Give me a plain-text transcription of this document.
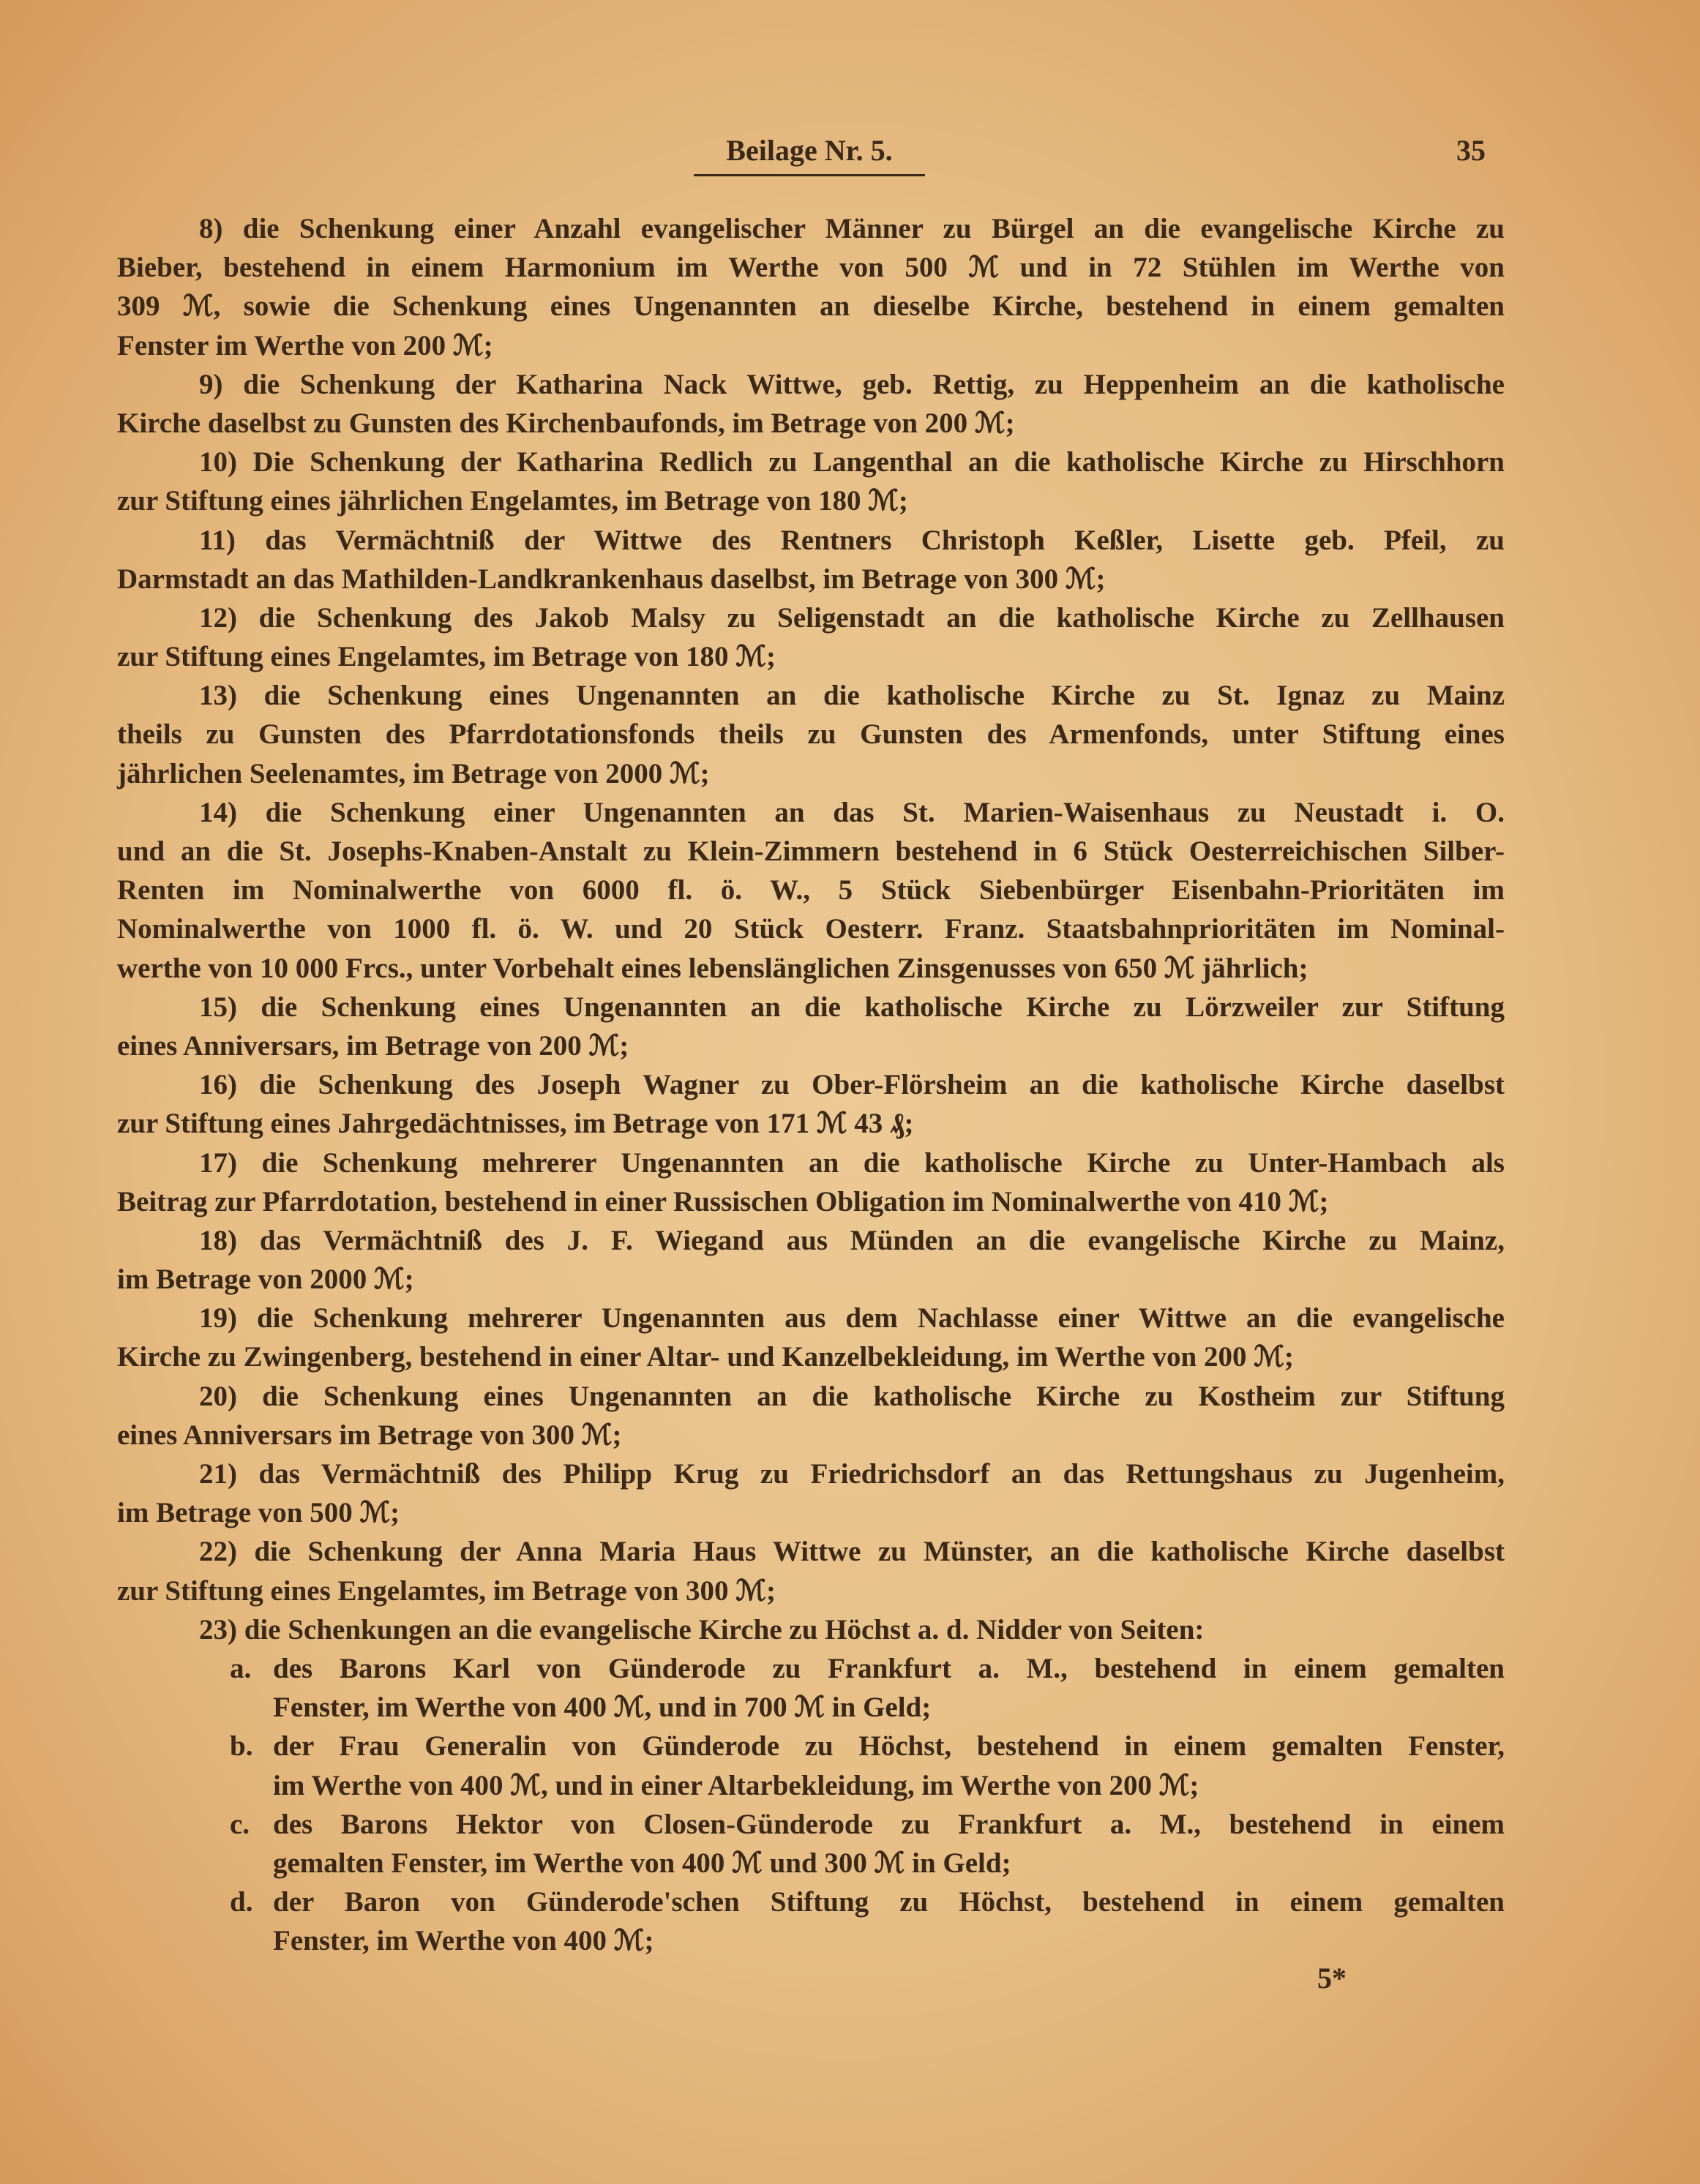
Beilage Nr. 5.	35
8) die Schenkung einer Anzahl evangelischer Männer zu Bürgel an die evangelische Kirche zu
Bieber, bestehend in einem Harmonium im Werthe von 500 ℳ und in 72 Stühlen im Werthe von
309 ℳ, sowie die Schenkung eines Ungenannten an dieselbe Kirche, bestehend in einem gemalten
Fenster im Werthe von 200 ℳ;
9) die Schenkung der Katharina Nack Wittwe, geb. Rettig, zu Heppenheim an die katholische
Kirche daselbst zu Gunsten des Kirchenbaufonds, im Betrage von 200 ℳ;
10) Die Schenkung der Katharina Redlich zu Langenthal an die katholische Kirche zu Hirschhorn
zur Stiftung eines jährlichen Engelamtes, im Betrage von 180 ℳ;
11) das Vermächtniß der Wittwe des Rentners Christoph Keßler, Lisette geb. Pfeil, zu
Darmstadt an das Mathilden-Landkrankenhaus daselbst, im Betrage von 300 ℳ;
12) die Schenkung des Jakob Malsy zu Seligenstadt an die katholische Kirche zu Zellhausen
zur Stiftung eines Engelamtes, im Betrage von 180 ℳ;
13) die Schenkung eines Ungenannten an die katholische Kirche zu St. Ignaz zu Mainz
theils zu Gunsten des Pfarrdotationsfonds theils zu Gunsten des Armenfonds, unter Stiftung eines
jährlichen Seelenamtes, im Betrage von 2000 ℳ;
14) die Schenkung einer Ungenannten an das St. Marien-Waisenhaus zu Neustadt i. O.
und an die St. Josephs-Knaben-Anstalt zu Klein-Zimmern bestehend in 6 Stück Oesterreichischen Silber-
Renten im Nominalwerthe von 6000 fl. ö. W., 5 Stück Siebenbürger Eisenbahn-Prioritäten im
Nominalwerthe von 1000 fl. ö. W. und 20 Stück Oesterr. Franz. Staatsbahnprioritäten im Nominal-
werthe von 10 000 Frcs., unter Vorbehalt eines lebenslänglichen Zinsgenusses von 650 ℳ jährlich;
15) die Schenkung eines Ungenannten an die katholische Kirche zu Lörzweiler zur Stiftung
eines Anniversars, im Betrage von 200 ℳ;
16) die Schenkung des Joseph Wagner zu Ober-Flörsheim an die katholische Kirche daselbst
zur Stiftung eines Jahrgedächtnisses, im Betrage von 171 ℳ 43 ₰;
17) die Schenkung mehrerer Ungenannten an die katholische Kirche zu Unter-Hambach als
Beitrag zur Pfarrdotation, bestehend in einer Russischen Obligation im Nominalwerthe von 410 ℳ;
18) das Vermächtniß des J. F. Wiegand aus Münden an die evangelische Kirche zu Mainz,
im Betrage von 2000 ℳ;
19) die Schenkung mehrerer Ungenannten aus dem Nachlasse einer Wittwe an die evangelische
Kirche zu Zwingenberg, bestehend in einer Altar- und Kanzelbekleidung, im Werthe von 200 ℳ;
20) die Schenkung eines Ungenannten an die katholische Kirche zu Kostheim zur Stiftung
eines Anniversars im Betrage von 300 ℳ;
21) das Vermächtniß des Philipp Krug zu Friedrichsdorf an das Rettungshaus zu Jugenheim,
im Betrage von 500 ℳ;
22) die Schenkung der Anna Maria Haus Wittwe zu Münster, an die katholische Kirche daselbst
zur Stiftung eines Engelamtes, im Betrage von 300 ℳ;
23) die Schenkungen an die evangelische Kirche zu Höchst a. d. Nidder von Seiten:
a. des Barons Karl von Günderode zu Frankfurt a. M., bestehend in einem gemalten
Fenster, im Werthe von 400 ℳ, und in 700 ℳ in Geld;
b. der Frau Generalin von Günderode zu Höchst, bestehend in einem gemalten Fenster,
im Werthe von 400 ℳ, und in einer Altarbekleidung, im Werthe von 200 ℳ;
c. des Barons Hektor von Closen-Günderode zu Frankfurt a. M., bestehend in einem
gemalten Fenster, im Werthe von 400 ℳ und 300 ℳ in Geld;
d. der Baron von Günderode'schen Stiftung zu Höchst, bestehend in einem gemalten
Fenster, im Werthe von 400 ℳ;
5*
